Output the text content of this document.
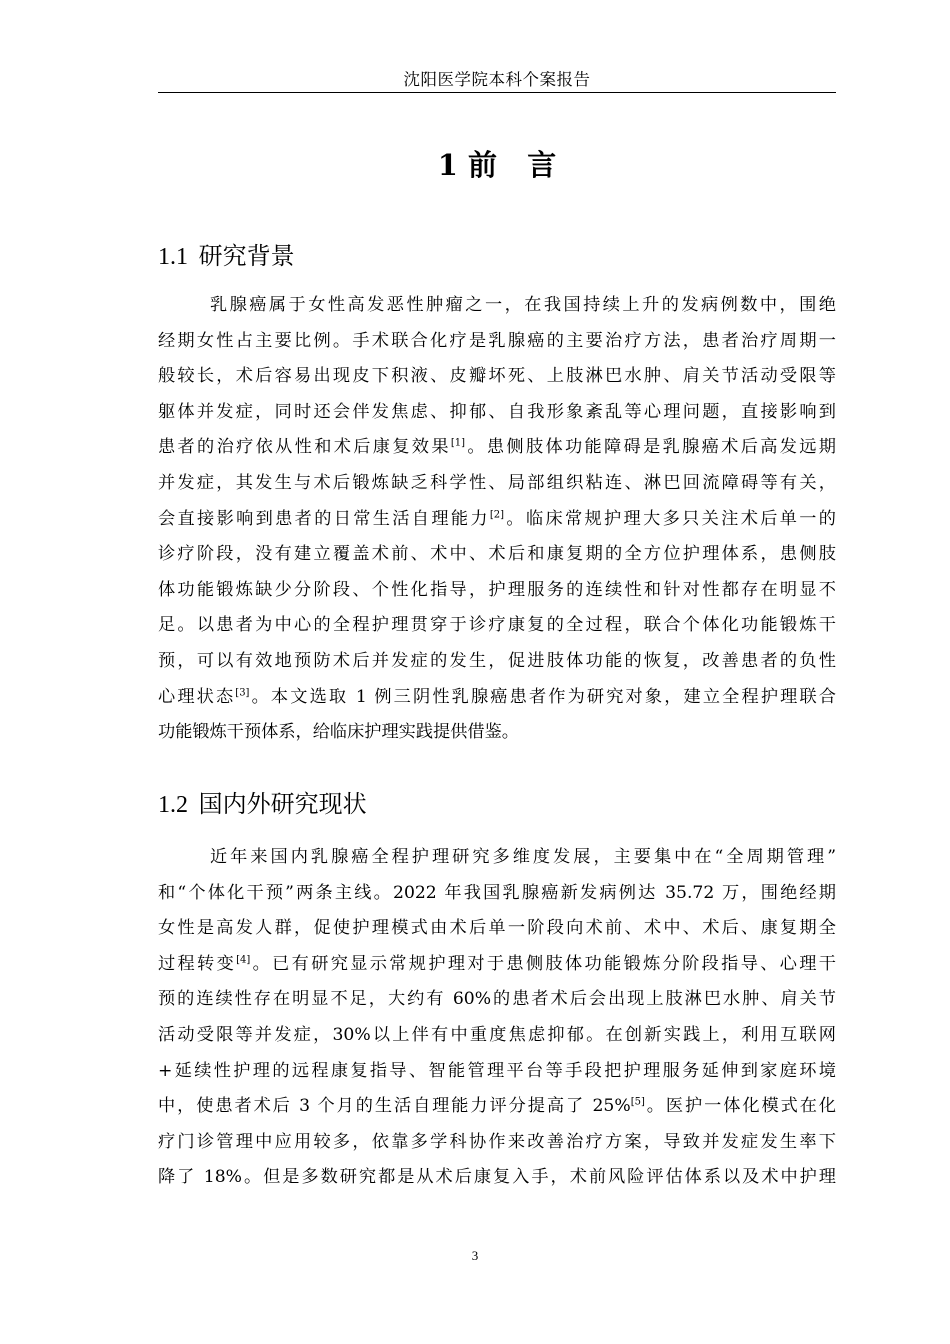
沈阳医学院本科个案报告
1 前   言
1.1 研究背景
乳腺癌属于女性高发恶性肿瘤之一，在我国持续上升的发病例数中，围绝
经期女性占主要比例。手术联合化疗是乳腺癌的主要治疗方法，患者治疗周期一
般较长，术后容易出现皮下积液、皮瓣坏死、上肢淋巴水肿、肩关节活动受限等
躯体并发症，同时还会伴发焦虑、抑郁、自我形象紊乱等心理问题，直接影响到
患者的治疗依从性和术后康复效果[1]。患侧肢体功能障碍是乳腺癌术后高发远期
并发症，其发生与术后锻炼缺乏科学性、局部组织粘连、淋巴回流障碍等有关，
会直接影响到患者的日常生活自理能力[2]。临床常规护理大多只关注术后单一的
诊疗阶段，没有建立覆盖术前、术中、术后和康复期的全方位护理体系，患侧肢
体功能锻炼缺少分阶段、个性化指导，护理服务的连续性和针对性都存在明显不
足。以患者为中心的全程护理贯穿于诊疗康复的全过程，联合个体化功能锻炼干
预，可以有效地预防术后并发症的发生，促进肢体功能的恢复，改善患者的负性
心理状态[3]。本文选取 1 例三阴性乳腺癌患者作为研究对象，建立全程护理联合
功能锻炼干预体系，给临床护理实践提供借鉴。
1.2 国内外研究现状
近年来国内乳腺癌全程护理研究多维度发展，主要集中在“全周期管理”
和“个体化干预”两条主线。2022 年我国乳腺癌新发病例达 35.72 万，围绝经期
女性是高发人群，促使护理模式由术后单一阶段向术前、术中、术后、康复期全
过程转变[4]。已有研究显示常规护理对于患侧肢体功能锻炼分阶段指导、心理干
预的连续性存在明显不足，大约有 60%的患者术后会出现上肢淋巴水肿、肩关节
活动受限等并发症，30%以上伴有中重度焦虑抑郁。在创新实践上，利用互联网
+延续性护理的远程康复指导、智能管理平台等手段把护理服务延伸到家庭环境
中，使患者术后 3 个月的生活自理能力评分提高了 25%[5]。医护一体化模式在化
疗门诊管理中应用较多，依靠多学科协作来改善治疗方案，导致并发症发生率下
降了 18%。但是多数研究都是从术后康复入手，术前风险评估体系以及术中护理
3
